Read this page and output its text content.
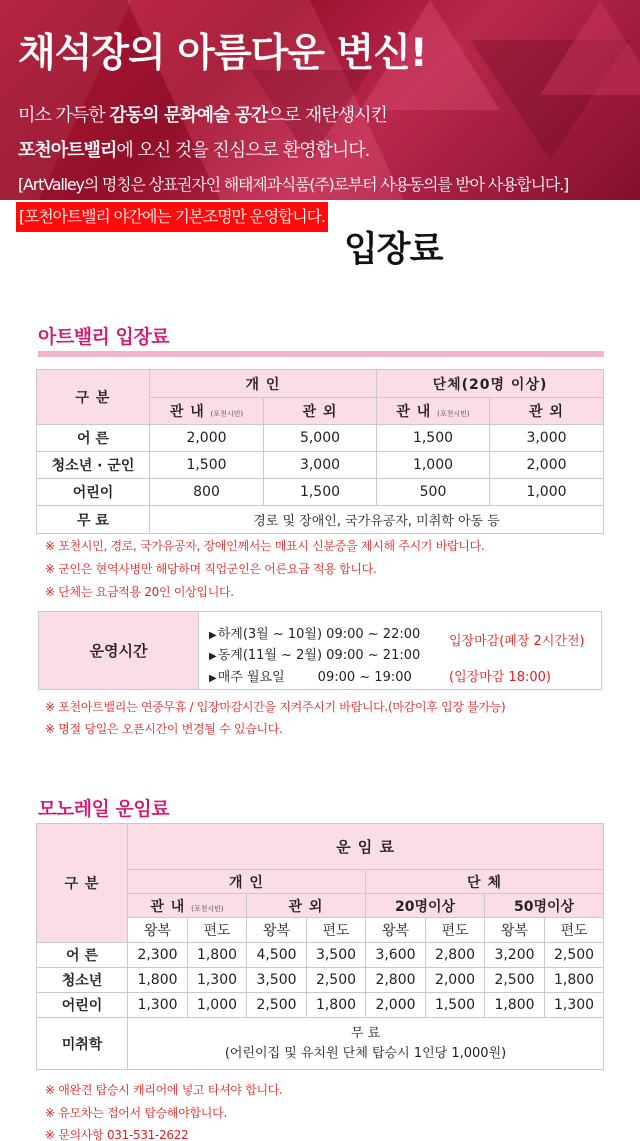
채석장의 아름다운 변신!
미소 가득한 감동의 문화예술 공간으로 재탄생시킨
포천아트밸리에 오신 것을 진심으로 환영합니다.
[ArtValley의 명칭은 상표권자인 해태제과식품(주)로부터 사용동의를 받아 사용합니다.]
[포천아트밸리 야간에는 기본조명만 운영합니다.
입장료
아트밸리 입장료
구 분	개 인		단체(20명 이상)	
	관 내 (포천시민)	관 외	관 내 (포천시민)	관 외
어 른	2,000	5,000	1,500	3,000
청소년 · 군인	1,500	3,000	1,000	2,000
어린이	800	1,500	500	1,000
무 료	경로 및 장애인, 국가유공자, 미취학 아동 등			
※ 포천시민, 경로, 국가유공자, 장애인께서는 매표시 신분증을 제시해 주시기 바랍니다.
※ 군인은 현역사병만 해당하며 직업군인은 어른요금 적용 합니다.
※ 단체는 요금적용 20인 이상입니다.
운영시간
▶하계(3월 ~ 10월) 09:00 ~ 22:00
▶동계(11월 ~ 2월) 09:00 ~ 21:00
▶매주 월요일        09:00 ~ 19:00
입장마감(폐장 2시간전)
(입장마감 18:00)
※ 포천아트밸리는 연중무휴 / 입장마감시간을 지켜주시기 바랍니다.(마감이후 입장 불가능)
※ 명절 당일은 오픈시간이 변경될 수 있습니다.
모노레일 운임료
구 분	운 임 료							
	개 인				단 체			
	관 내 (포천시민)		관 외		20명이상		50명이상	
	왕복	편도	왕복	편도	왕복	편도	왕복	편도
어 른	2,300	1,800	4,500	3,500	3,600	2,800	3,200	2,500
청소년	1,800	1,300	3,500	2,500	2,800	2,000	2,500	1,800
어린이	1,300	1,000	2,500	1,800	2,000	1,500	1,800	1,300
미취학	무 료
(어린이집 및 유치원 단체 탑승시 1인당 1,000원)							
※ 애완견 탑승시 캐리어에 넣고 타셔야 합니다.
※ 유모차는 접어서 탑승해야합니다.
※ 문의사항 031-531-2622
